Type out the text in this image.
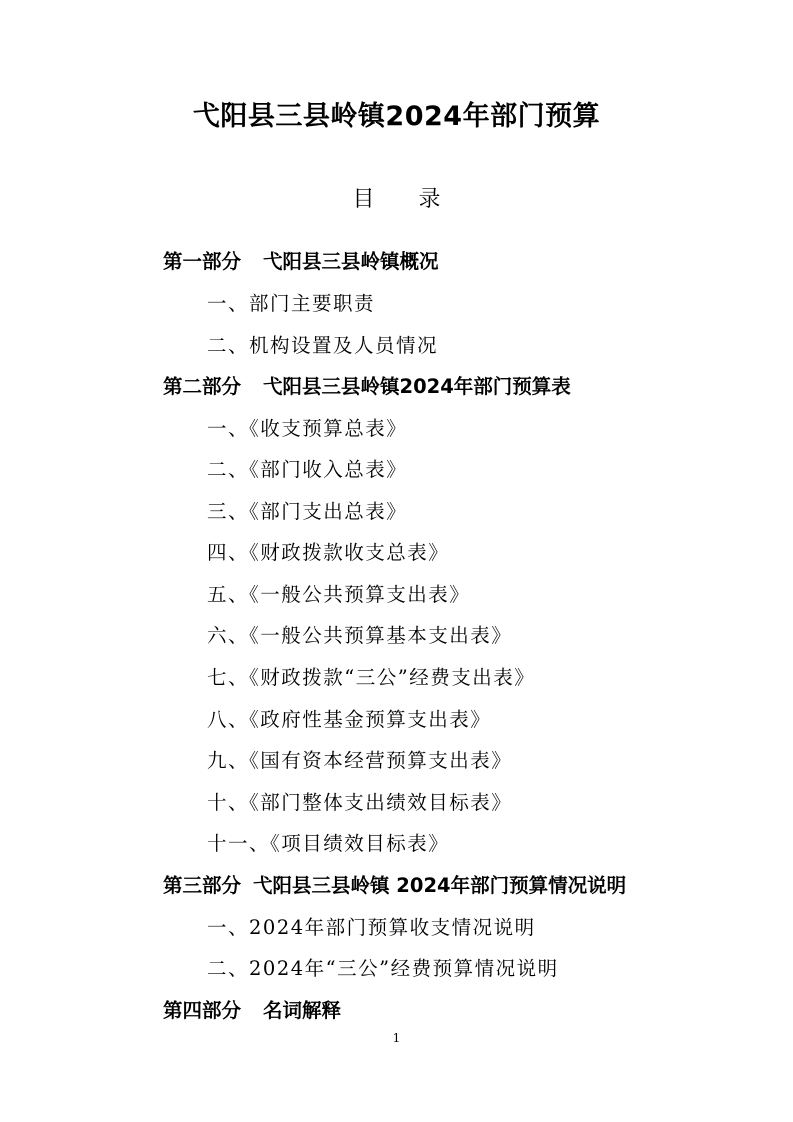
弋阳县三县岭镇2024年部门预算
目 录
第一部分 弋阳县三县岭镇概况
一、部门主要职责
二、机构设置及人员情况
第二部分 弋阳县三县岭镇2024年部门预算表
一、《收支预算总表》
二、《部门收入总表》
三、《部门支出总表》
四、《财政拨款收支总表》
五、《一般公共预算支出表》
六、《一般公共预算基本支出表》
七、《财政拨款“三公”经费支出表》
八、《政府性基金预算支出表》
九、《国有资本经营预算支出表》
十、《部门整体支出绩效目标表》
十一、《项目绩效目标表》
第三部分 弋阳县三县岭镇 2024年部门预算情况说明
一、2024年部门预算收支情况说明
二、2024年“三公”经费预算情况说明
第四部分 名词解释
1
